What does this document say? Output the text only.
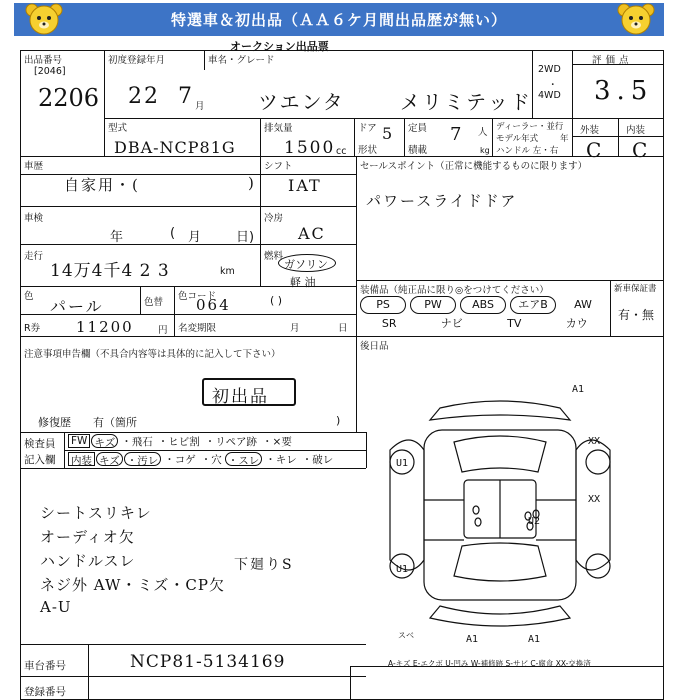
特選車＆初出品（ＡＡ６ケ月間出品歴が無い）
オークション出品票
出品番号
[2046]
2206
初度登録年月
22 7 月
車名・グレード
ツエンタ	メリミテッド
2WD
・
4WD
評価点
3.5
型式
DBA-NCP81G
排気量
1500 cc
ドア 5
形状
定員 7 人
積載	kg
ディーラー・並行
モデル年式	年
ハンドル 左・右
外装	内装
C C
車歴
自家用・(	)
シフト
IAT
車検
年	( 月	日)
冷房
AC
走行
14万4千4 2 3	km
燃料
ガソリン
軽 油
( )
色
パール	色替
色コード
064
R券 11200	円 名変期限	月	日
セールスポイント（正常に機能するものに限ります）
パワースライドドア
装備品（純正品に限り◎をつけてください）	新車保証書
有・無
PS	PW	ABS	エアB	AW
SR	ナビ	TV	カウ
後日品
注意事項申告欄（不具合内容等は具体的に記入して下さい）
初出品
修復歴　　有（箇所	)
検査員
記入欄
FW キズ ・飛石 ・ヒビ割 ・リペア跡 ・×要
内装 キズ ・汚レ ・コゲ ・穴 ・スレ ・キレ ・破レ
シートスリキレ
オーディオ欠
ハンドルスレ
ネジ外 AW・ミズ・CP欠
A-U
下廻りS
A1
XX
U1
XX
U2
U1
A1	A1
スベ
A-キズ E-エクボ U-凹み W-補修跡 S-サビ C-腐食 XX-交換済
車台番号	NCP81-5134169
登録番号
